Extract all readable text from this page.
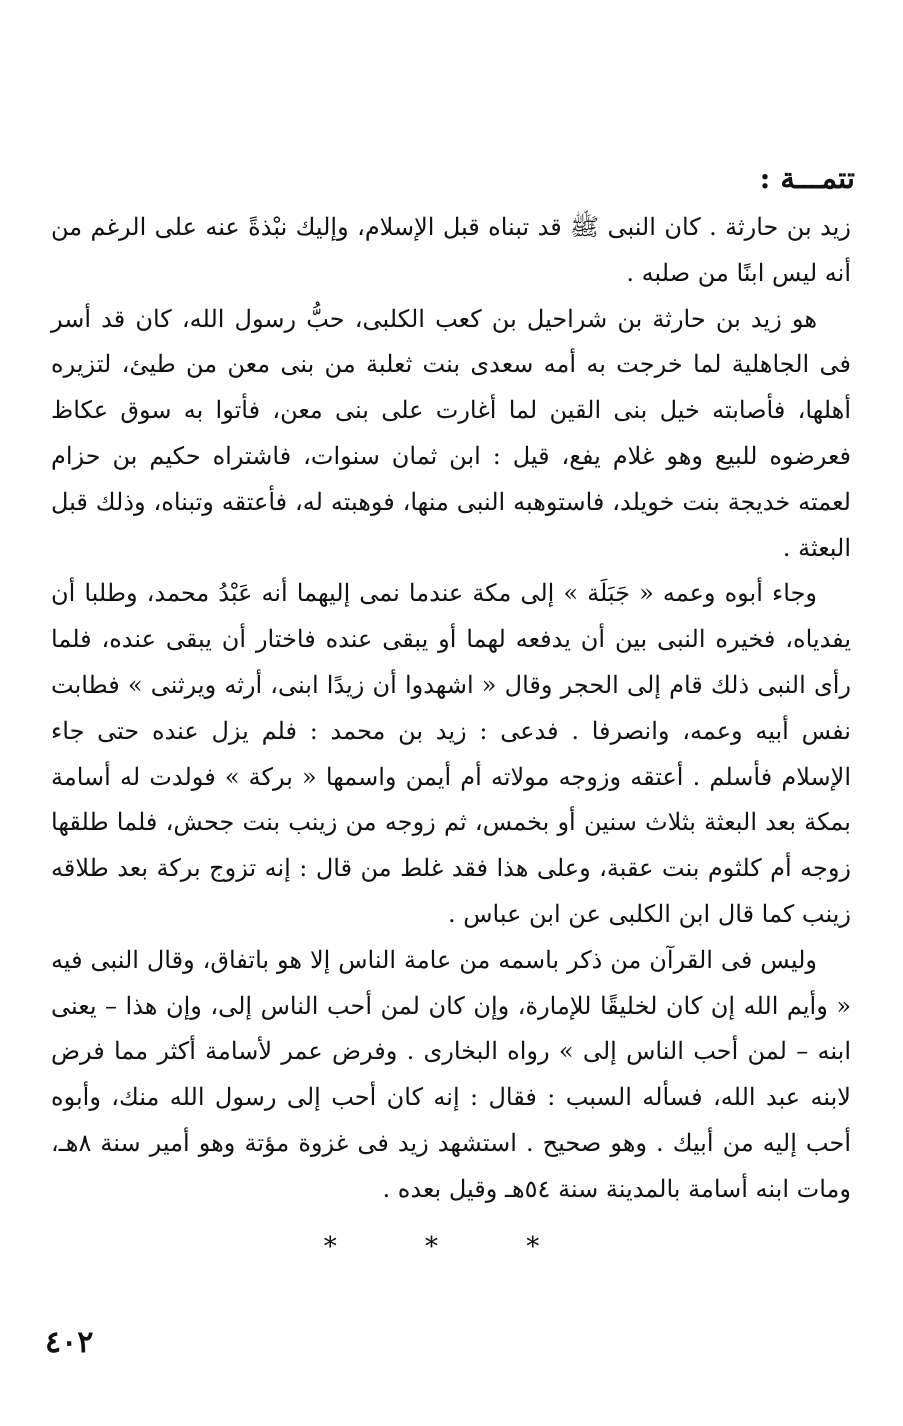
تتمـــة :

زيد بن حارثة . كان النبى ﷺ قد تبناه قبل الإسلام، وإليك نبْذةً عنه على الرغم من أنه ليس ابنًا من صلبه .

هو زيد بن حارثة بن شراحيل بن كعب الكلبى، حبُّ رسول الله، كان قد أسر فى الجاهلية لما خرجت به أمه سعدى بنت ثعلبة من بنى معن من طيئ، لتزيره أهلها، فأصابته خيل بنى القين لما أغارت على بنى معن، فأتوا به سوق عكاظ فعرضوه للبيع وهو غلام يفع، قيل : ابن ثمان سنوات، فاشتراه حكيم بن حزام لعمته خديجة بنت خويلد، فاستوهبه النبى منها، فوهبته له، فأعتقه وتبناه، وذلك قبل البعثة .

وجاء أبوه وعمه « جَبَلَة » إلى مكة عندما نمى إليهما أنه عَبْدُ محمد، وطلبا أن يفدياه، فخيره النبى بين أن يدفعه لهما أو يبقى عنده فاختار أن يبقى عنده، فلما رأى النبى ذلك قام إلى الحجر وقال « اشهدوا أن زيدًا ابنى، أرثه ويرثنى » فطابت نفس أبيه وعمه، وانصرفا . فدعى : زيد بن محمد : فلم يزل عنده حتى جاء الإسلام فأسلم . أعتقه وزوجه مولاته أم أيمن واسمها « بركة » فولدت له أسامة بمكة بعد البعثة بثلاث سنين أو بخمس، ثم زوجه من زينب بنت جحش، فلما طلقها زوجه أم كلثوم بنت عقبة، وعلى هذا فقد غلط من قال : إنه تزوج بركة بعد طلاقه زينب كما قال ابن الكلبى عن ابن عباس .

وليس فى القرآن من ذكر باسمه من عامة الناس إلا هو باتفاق، وقال النبى فيه « وأيم الله إن كان لخليقًا للإمارة، وإن كان لمن أحب الناس إلى، وإن هذا – يعنى ابنه – لمن أحب الناس إلى » رواه البخارى . وفرض عمر لأسامة أكثر مما فرض لابنه عبد الله، فسأله السبب : فقال : إنه كان أحب إلى رسول الله منك، وأبوه أحب إليه من أبيك . وهو صحيح . استشهد زيد فى غزوة مؤتة وهو أمير سنة ٨هـ، ومات ابنه أسامة بالمدينة سنة ٥٤هـ وقيل بعده .

* * *
٤٠٢
